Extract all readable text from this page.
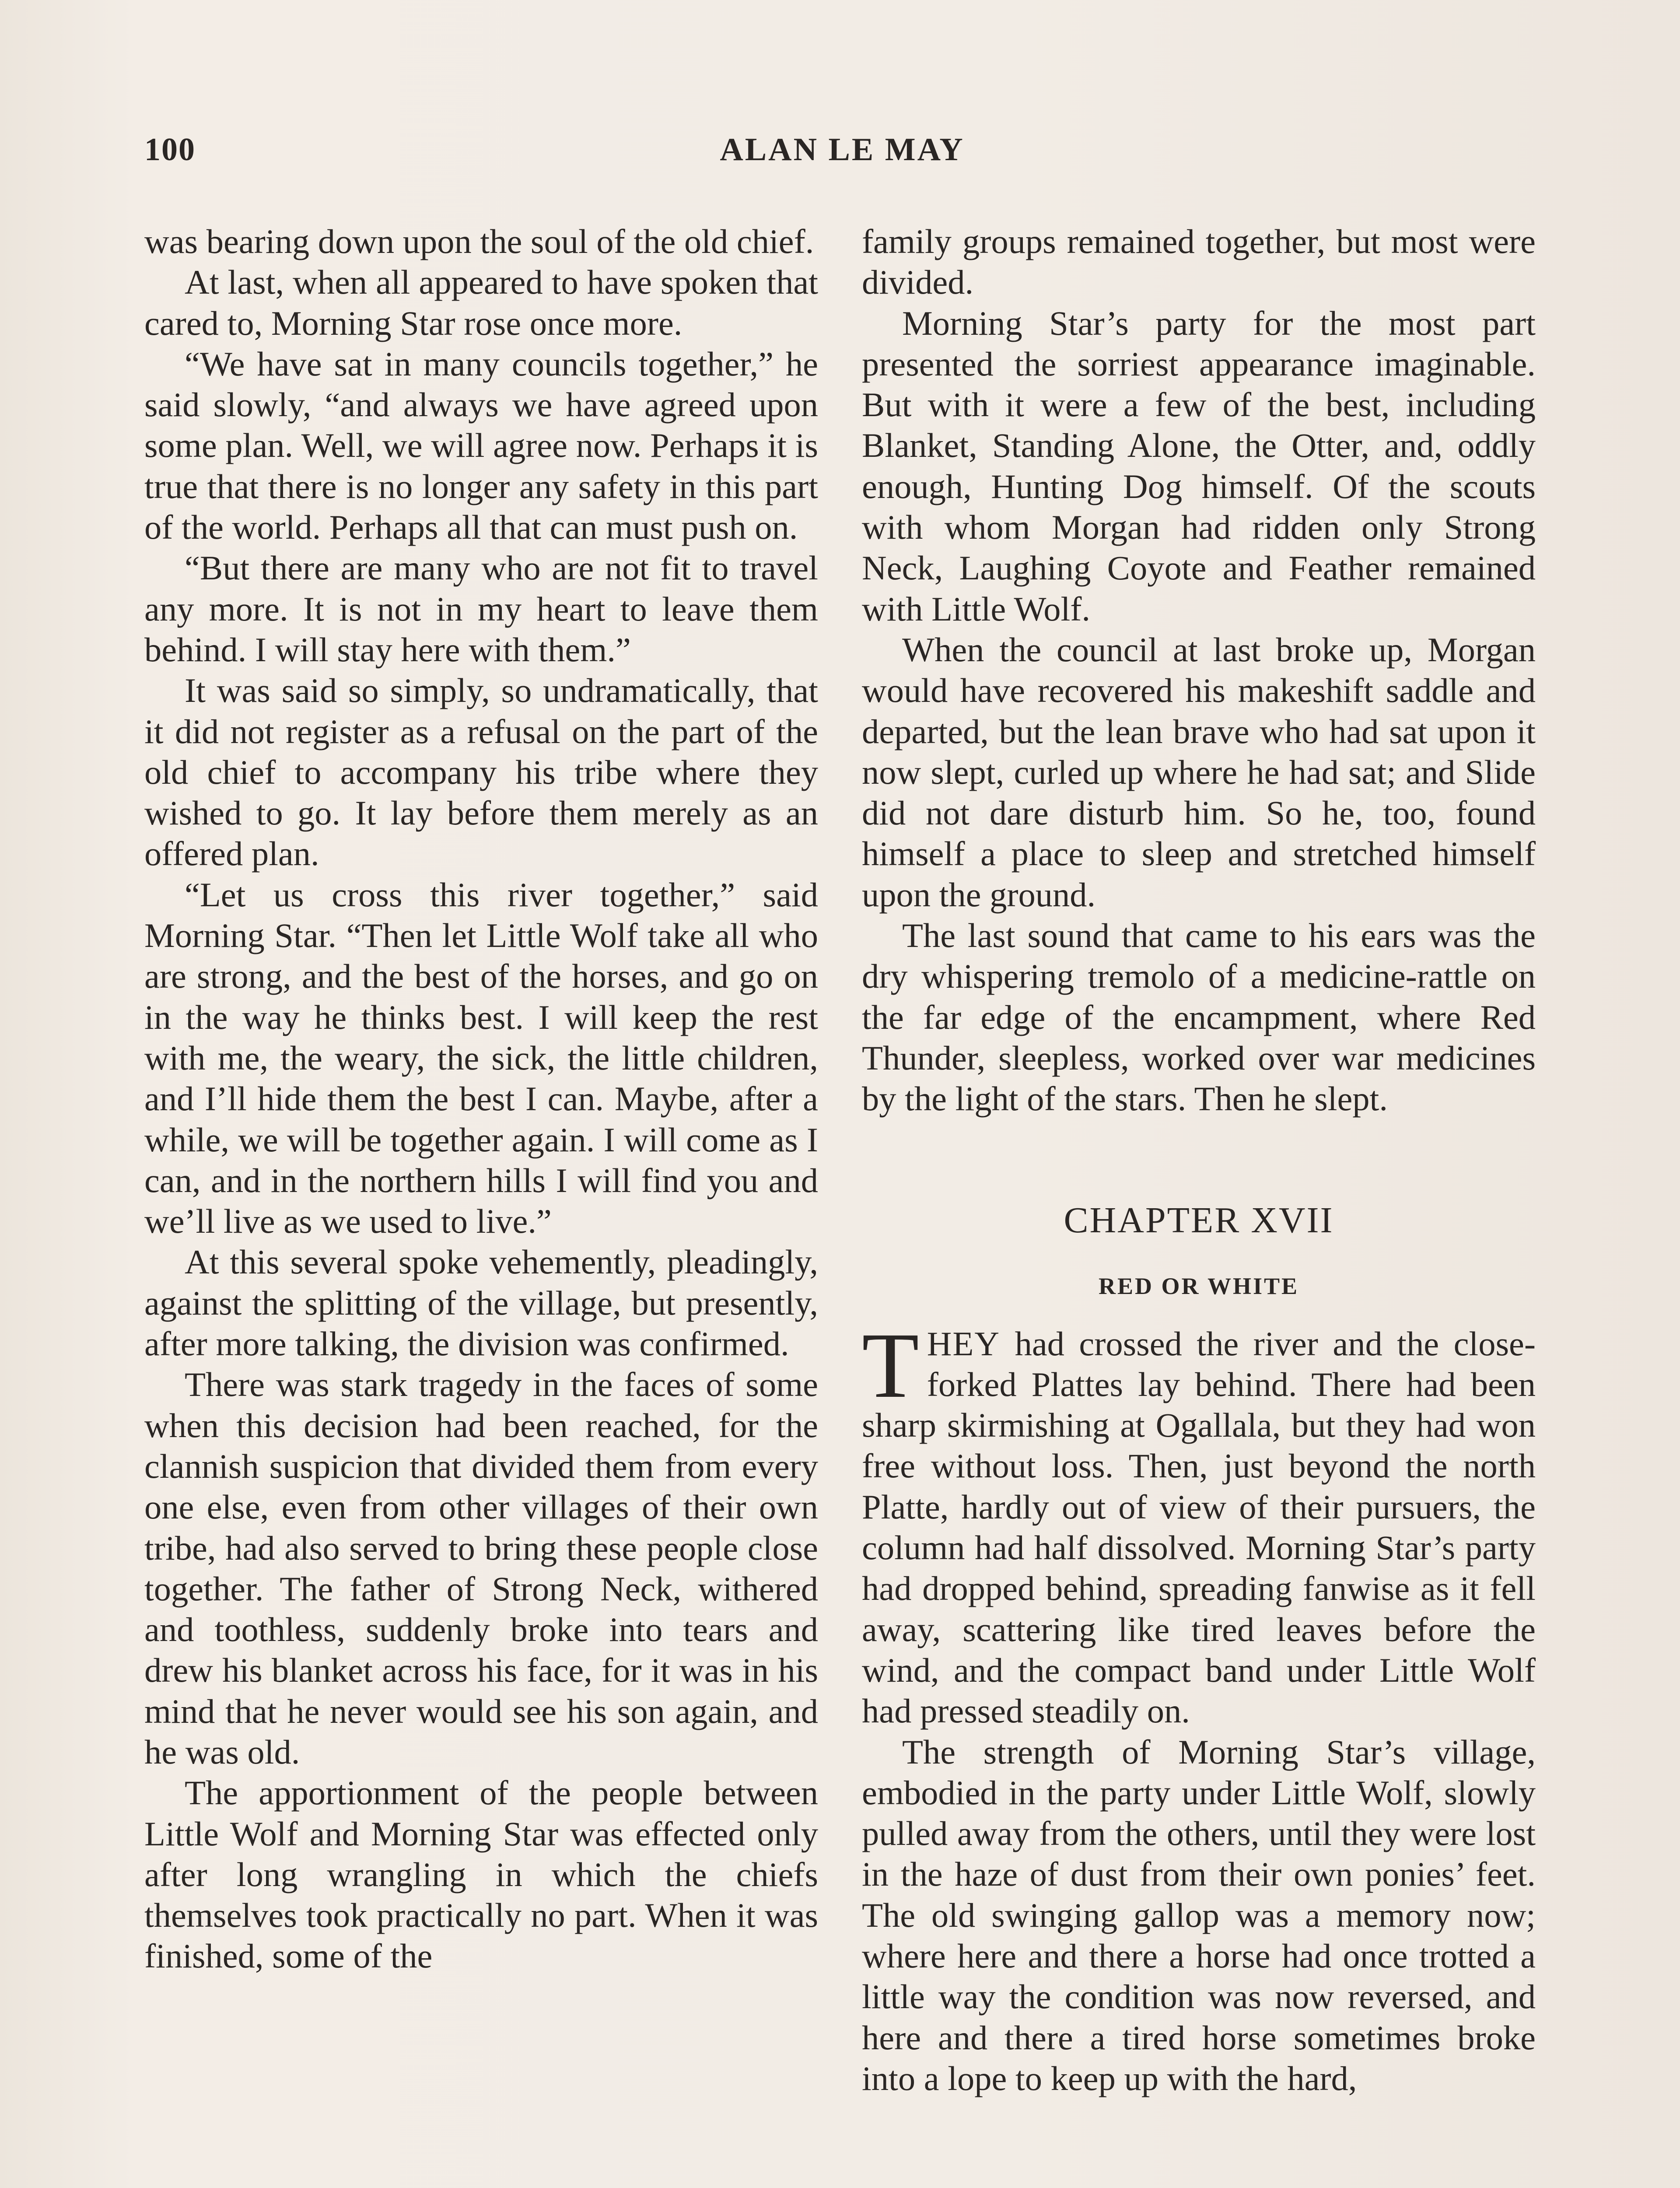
100	ALAN LE MAY

was bearing down upon the soul of the old chief.

At last, when all appeared to have spoken that cared to, Morning Star rose once more.

“We have sat in many councils together,” he said slowly, “and always we have agreed upon some plan. Well, we will agree now. Perhaps it is true that there is no longer any safety in this part of the world. Perhaps all that can must push on.

“But there are many who are not fit to travel any more. It is not in my heart to leave them behind. I will stay here with them.”

It was said so simply, so undramatically, that it did not register as a refusal on the part of the old chief to accompany his tribe where they wished to go. It lay before them merely as an offered plan.

“Let us cross this river together,” said Morning Star. “Then let Little Wolf take all who are strong, and the best of the horses, and go on in the way he thinks best. I will keep the rest with me, the weary, the sick, the little children, and I’ll hide them the best I can. Maybe, after a while, we will be together again. I will come as I can, and in the northern hills I will find you and we’ll live as we used to live.”

At this several spoke vehemently, pleadingly, against the splitting of the village, but presently, after more talking, the division was confirmed.

There was stark tragedy in the faces of some when this decision had been reached, for the clannish suspicion that divided them from every one else, even from other villages of their own tribe, had also served to bring these people close together. The father of Strong Neck, withered and toothless, suddenly broke into tears and drew his blanket across his face, for it was in his mind that he never would see his son again, and he was old.

The apportionment of the people between Little Wolf and Morning Star was effected only after long wrangling in which the chiefs themselves took practically no part. When it was finished, some of the

family groups remained together, but most were divided.

Morning Star’s party for the most part presented the sorriest appearance imaginable. But with it were a few of the best, including Blanket, Standing Alone, the Otter, and, oddly enough, Hunting Dog himself. Of the scouts with whom Morgan had ridden only Strong Neck, Laughing Coyote and Feather remained with Little Wolf.

When the council at last broke up, Morgan would have recovered his makeshift saddle and departed, but the lean brave who had sat upon it now slept, curled up where he had sat; and Slide did not dare disturb him. So he, too, found himself a place to sleep and stretched himself upon the ground.

The last sound that came to his ears was the dry whispering tremolo of a medicine-rattle on the far edge of the encampment, where Red Thunder, sleepless, worked over war medicines by the light of the stars. Then he slept.

CHAPTER XVII
RED OR WHITE

THEY had crossed the river and the close-forked Plattes lay behind. There had been sharp skirmishing at Ogallala, but they had won free without loss. Then, just beyond the north Platte, hardly out of view of their pursuers, the column had half dissolved. Morning Star’s party had dropped behind, spreading fanwise as it fell away, scattering like tired leaves before the wind, and the compact band under Little Wolf had pressed steadily on.

The strength of Morning Star’s village, embodied in the party under Little Wolf, slowly pulled away from the others, until they were lost in the haze of dust from their own ponies’ feet. The old swinging gallop was a memory now; where here and there a horse had once trotted a little way the condition was now reversed, and here and there a tired horse sometimes broke into a lope to keep up with the hard,
